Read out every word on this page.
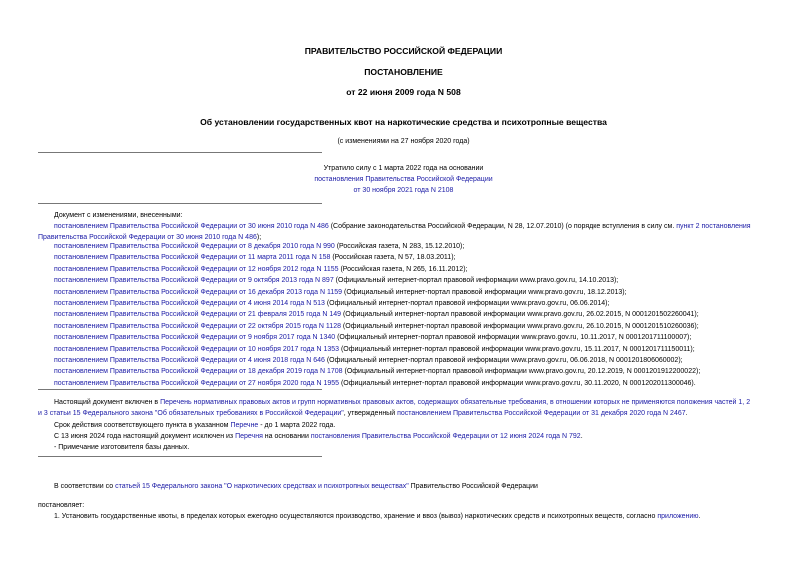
ПРАВИТЕЛЬСТВО РОССИЙСКОЙ ФЕДЕРАЦИИ
ПОСТАНОВЛЕНИЕ
от 22 июня 2009 года N 508
Об установлении государственных квот на наркотические средства и психотропные вещества
(с изменениями на 27 ноября 2020 года)
Утратило силу с 1 марта 2022 года на основании
постановления Правительства Российской Федерации
от 30 ноября 2021 года N 2108
Документ с изменениями, внесенными:
постановлением Правительства Российской Федерации от 30 июня 2010 года N 486 (Собрание законодательства Российской Федерации, N 28, 12.07.2010) (о порядке вступления в силу см. пункт 2 постановления
Правительства Российской Федерации от 30 июня 2010 года N 486);
постановлением Правительства Российской Федерации от 8 декабря 2010 года N 990 (Российская газета, N 283, 15.12.2010);
постановлением Правительства Российской Федерации от 11 марта 2011 года N 158 (Российская газета, N 57, 18.03.2011);
постановлением Правительства Российской Федерации от 12 ноября 2012 года N 1155 (Российская газета, N 265, 16.11.2012);
постановлением Правительства Российской Федерации от 9 октября 2013 года N 897 (Официальный интернет-портал правовой информации www.pravo.gov.ru, 14.10.2013);
постановлением Правительства Российской Федерации от 16 декабря 2013 года N 1159 (Официальный интернет-портал правовой информации www.pravo.gov.ru, 18.12.2013);
постановлением Правительства Российской Федерации от 4 июня 2014 года N 513 (Официальный интернет-портал правовой информации www.pravo.gov.ru, 06.06.2014);
постановлением Правительства Российской Федерации от 21 февраля 2015 года N 149 (Официальный интернет-портал правовой информации www.pravo.gov.ru, 26.02.2015, N 0001201502260041);
постановлением Правительства Российской Федерации от 22 октября 2015 года N 1128 (Официальный интернет-портал правовой информации www.pravo.gov.ru, 26.10.2015, N 0001201510260036);
постановлением Правительства Российской Федерации от 9 ноября 2017 года N 1340 (Официальный интернет-портал правовой информации www.pravo.gov.ru, 10.11.2017, N 0001201711100007);
постановлением Правительства Российской Федерации от 10 ноября 2017 года N 1353 (Официальный интернет-портал правовой информации www.pravo.gov.ru, 15.11.2017, N 0001201711150011);
постановлением Правительства Российской Федерации от 4 июня 2018 года N 646 (Официальный интернет-портал правовой информации www.pravo.gov.ru, 06.06.2018, N 0001201806060002);
постановлением Правительства Российской Федерации от 18 декабря 2019 года N 1708 (Официальный интернет-портал правовой информации www.pravo.gov.ru, 20.12.2019, N 0001201912200022);
постановлением Правительства Российской Федерации от 27 ноября 2020 года N 1955 (Официальный интернет-портал правовой информации www.pravo.gov.ru, 30.11.2020, N 0001202011300046).
Настоящий документ включен в Перечень нормативных правовых актов и групп нормативных правовых актов, содержащих обязательные требования, в отношении которых не применяются положения частей 1, 2
и 3 статьи 15 Федерального закона "Об обязательных требованиях в Российской Федерации", утвержденный постановлением Правительства Российской Федерации от 31 декабря 2020 года N 2467.
Срок действия соответствующего пункта в указанном Перечне - до 1 марта 2022 года.
С 13 июня 2024 года настоящий документ исключен из Перечня на основании постановления Правительства Российской Федерации от 12 июня 2024 года N 792.
- Примечание изготовителя базы данных.
В соответствии со статьей 15 Федерального закона "О наркотических средствах и психотропных веществах" Правительство Российской Федерации
постановляет:
1. Установить государственные квоты, в пределах которых ежегодно осуществляются производство, хранение и ввоз (вывоз) наркотических средств и психотропных веществ, согласно приложению.
